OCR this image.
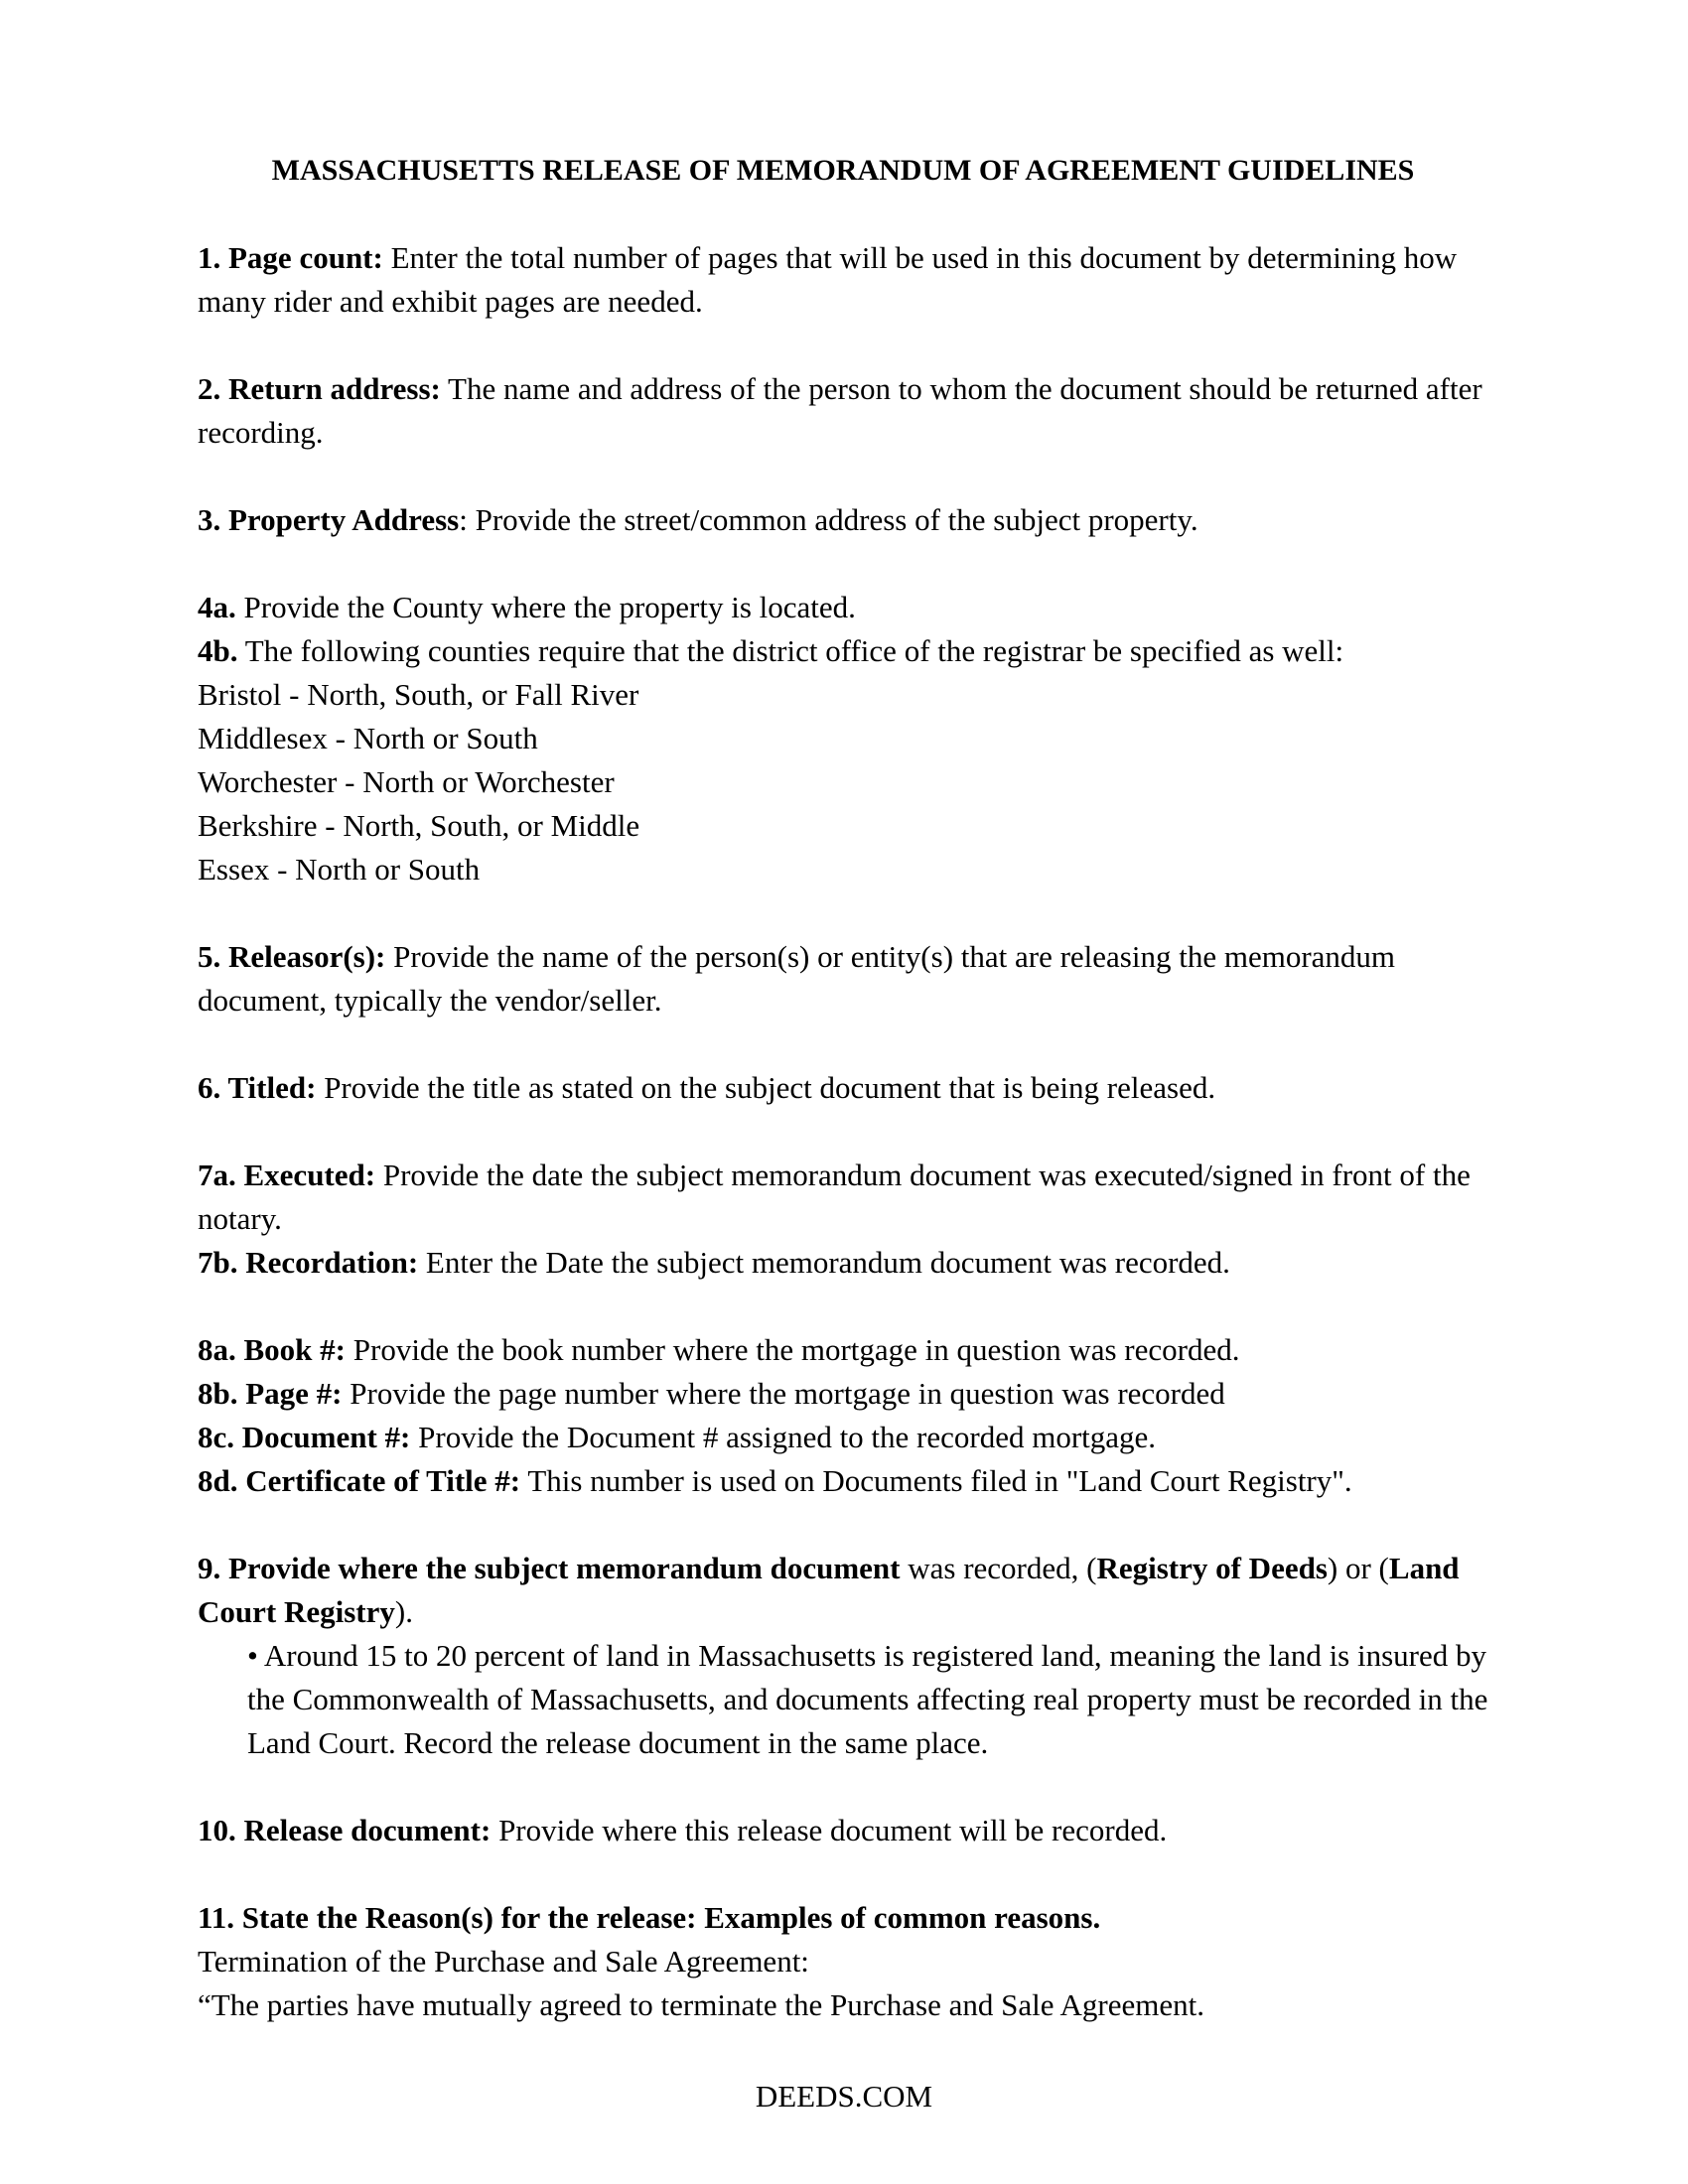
MASSACHUSETTS RELEASE OF MEMORANDUM OF AGREEMENT GUIDELINES
1. Page count: Enter the total number of pages that will be used in this document by determining how many rider and exhibit pages are needed.
2. Return address: The name and address of the person to whom the document should be returned after recording.
3. Property Address: Provide the street/common address of the subject property.
4a. Provide the County where the property is located.
4b. The following counties require that the district office of the registrar be specified as well:
Bristol - North, South, or Fall River
Middlesex - North or South
Worchester - North or Worchester
Berkshire - North, South, or Middle
Essex - North or South
5. Releasor(s): Provide the name of the person(s) or entity(s) that are releasing the memorandum document, typically the vendor/seller.
6. Titled: Provide the title as stated on the subject document that is being released.
7a. Executed: Provide the date the subject memorandum document was executed/signed in front of the notary.
7b. Recordation: Enter the Date the subject memorandum document was recorded.
8a. Book #: Provide the book number where the mortgage in question was recorded.
8b. Page #: Provide the page number where the mortgage in question was recorded
8c. Document #: Provide the Document # assigned to the recorded mortgage.
8d. Certificate of Title #: This number is used on Documents filed in "Land Court Registry".
9. Provide where the subject memorandum document was recorded, (Registry of Deeds) or (Land Court Registry).
• Around 15 to 20 percent of land in Massachusetts is registered land, meaning the land is insured by the Commonwealth of Massachusetts, and documents affecting real property must be recorded in the Land Court. Record the release document in the same place.
10. Release document: Provide where this release document will be recorded.
11. State the Reason(s) for the release: Examples of common reasons.
Termination of the Purchase and Sale Agreement:
“The parties have mutually agreed to terminate the Purchase and Sale Agreement.
DEEDS.COM
